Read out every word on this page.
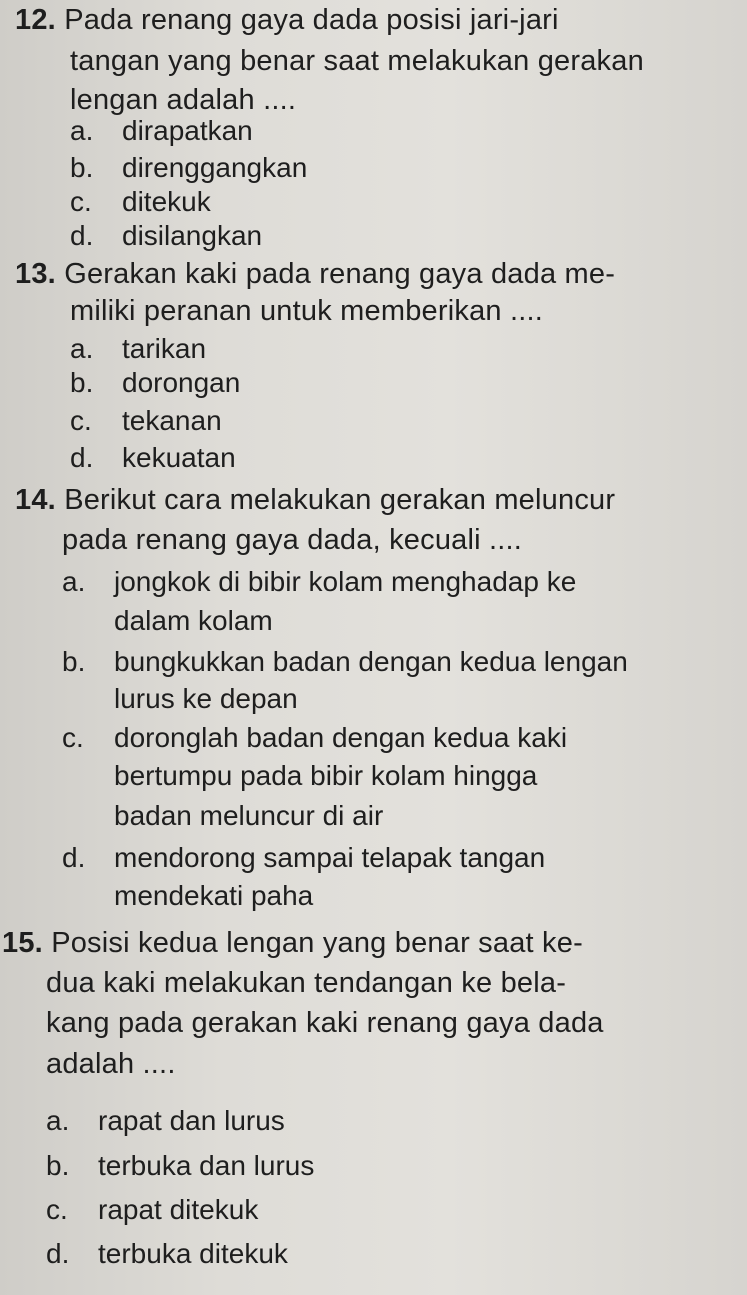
12. Pada renang gaya dada posisi jari-jari
tangan yang benar saat melakukan gerakan
lengan adalah ....
a. dirapatkan
b. direnggangkan
c. ditekuk
d. disilangkan
13. Gerakan kaki pada renang gaya dada me-
miliki peranan untuk memberikan ....
a. tarikan
b. dorongan
c. tekanan
d. kekuatan
14. Berikut cara melakukan gerakan meluncur
pada renang gaya dada, kecuali ....
a. jongkok di bibir kolam menghadap ke
dalam kolam
b. bungkukkan badan dengan kedua lengan
lurus ke depan
c. doronglah badan dengan kedua kaki
bertumpu pada bibir kolam hingga
badan meluncur di air
d. mendorong sampai telapak tangan
mendekati paha
15. Posisi kedua lengan yang benar saat ke-
dua kaki melakukan tendangan ke bela-
kang pada gerakan kaki renang gaya dada
adalah ....
a. rapat dan lurus
b. terbuka dan lurus
c. rapat ditekuk
d. terbuka ditekuk
